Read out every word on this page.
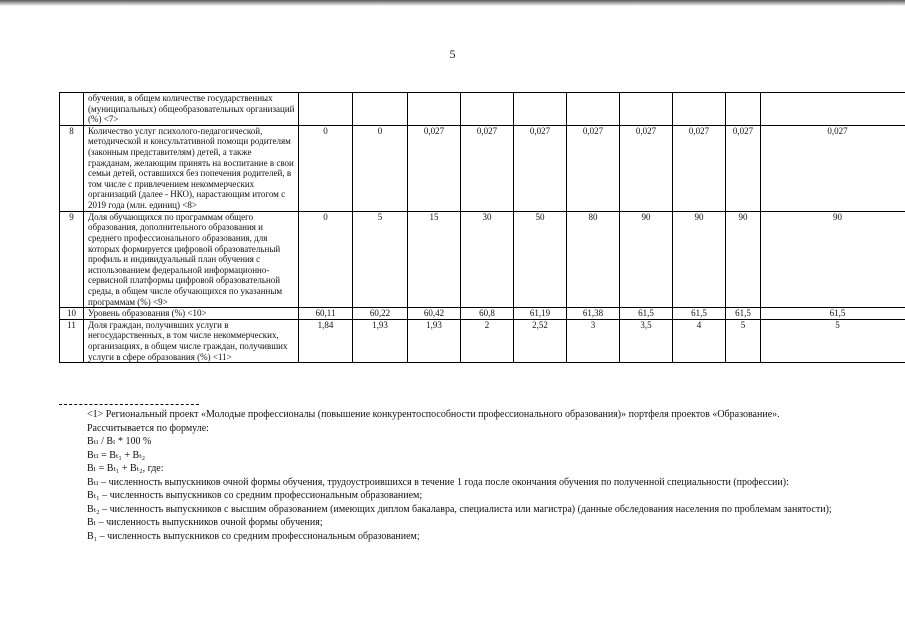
5
	обучения, в общем количестве государственных (муниципальных) общеобразовательных организаций (%) <7>										
8	Количество услуг психолого-педагогической, методической и консультативной помощи родителям (законным представителям) детей, а также гражданам, желающим принять на воспитание в свои семьи детей, оставшихся без попечения родителей, в том числе с привлечением некоммерческих организаций (далее - НКО), нарастающим итогом с 2019 года (млн. единиц) <8>	0	0	0,027	0,027	0,027	0,027	0,027	0,027	0,027	0,027
9	Доля обучающихся по программам общего образования, дополнительного образования и среднего профессионального образования, для которых формируется цифровой образовательный профиль и индивидуальный план обучения с использованием федеральной информационно-сервисной платформы цифровой образовательной среды, в общем числе обучающихся по указанным программам (%) <9>	0	5	15	30	50	80	90	90	90	90
10	Уровень образования (%) <10>	60,11	60,22	60,42	60,8	61,19	61,38	61,5	61,5	61,5	61,5
11	Доля граждан, получивших услуги в негосударственных, в том числе некоммерческих, организациях, в общем числе граждан, получивших услуги в сфере образования (%) <11>	1,84	1,93	1,93	2	2,52	3	3,5	4	5	5

<1> Региональный проект «Молодые профессионалы (повышение конкурентоспособности профессионального образования)» портфеля проектов «Образование».

Рассчитывается по формуле:

Вₜₗ / Вₗ * 100 %

Вₜₗ = Вₜ₁ + Вₜ₂

Вₗ = Вₜ₁ + Вₜ₂, где:

Вₜₗ – численность выпускников очной формы обучения, трудоустроившихся в течение 1 года после окончания обучения по полученной специальности (профессии):

Вₜ₁ – численность выпускников со средним профессиональным образованием;

Вₜ₂ – численность выпускников с высшим образованием (имеющих диплом бакалавра, специалиста или магистра) (данные обследования населения по проблемам занятости);

Вₗ – численность выпускников очной формы обучения;

В₁ – численность выпускников со средним профессиональным образованием;
